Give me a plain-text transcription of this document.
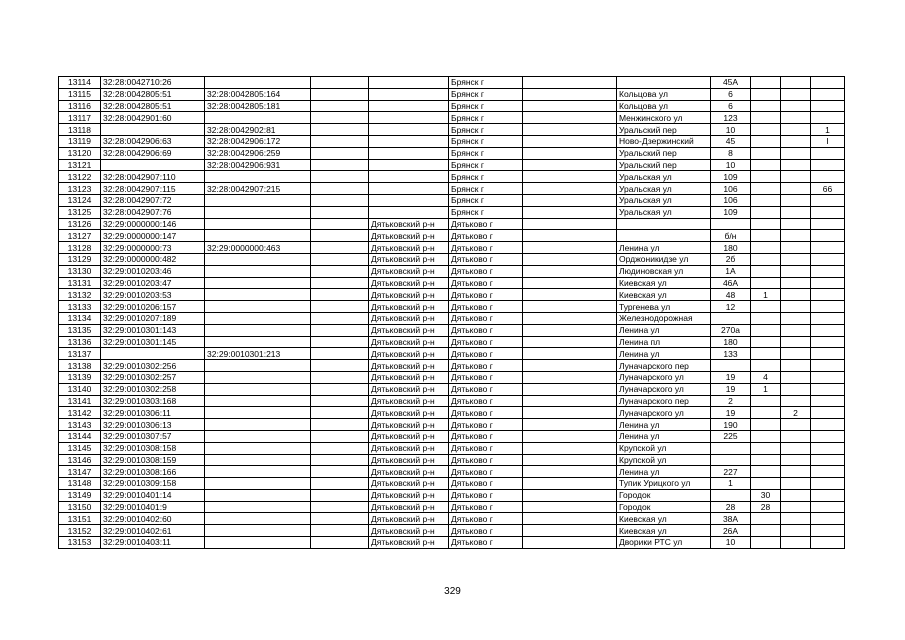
13114	32:28:0042710:26				Брянск г			45А			
13115	32:28:0042805:51	32:28:0042805:164			Брянск г		Кольцова ул	6			
13116	32:28:0042805:51	32:28:0042805:181			Брянск г		Кольцова ул	6			
13117	32:28:0042901:60				Брянск г		Менжинского ул	123			
13118		32:28:0042902:81			Брянск г		Уральский пер	10			1
13119	32:28:0042906:63	32:28:0042906:172			Брянск г		Ново-Дзержинский	45			I
13120	32:28:0042906:69	32:28:0042906:259			Брянск г		Уральский пер	8			
13121		32:28:0042906:931			Брянск г		Уральский пер	10			
13122	32:28:0042907:110				Брянск г		Уральская ул	109			
13123	32:28:0042907:115	32:28:0042907:215			Брянск г		Уральская ул	106			66
13124	32:28:0042907:72				Брянск г		Уральская ул	106			
13125	32:28:0042907:76				Брянск г		Уральская ул	109			
13126	32:29:0000000:146			Дятьковский р-н	Дятьково г						
13127	32:29:0000000:147			Дятьковский р-н	Дятьково г			б/н			
13128	32:29:0000000:73	32:29:0000000:463		Дятьковский р-н	Дятьково г		Ленина ул	180			
13129	32:29:0000000:482			Дятьковский р-н	Дятьково г		Орджоникидзе ул	2б			
13130	32:29:0010203:46			Дятьковский р-н	Дятьково г		Людиновская ул	1А			
13131	32:29:0010203:47			Дятьковский р-н	Дятьково г		Киевская ул	46А			
13132	32:29:0010203:53			Дятьковский р-н	Дятьково г		Киевская ул	48	1		
13133	32:29:0010206:157			Дятьковский р-н	Дятьково г		Тургенева ул	12			
13134	32:29:0010207:189			Дятьковский р-н	Дятьково г		Железнодорожная				
13135	32:29:0010301:143			Дятьковский р-н	Дятьково г		Ленина ул	270а			
13136	32:29:0010301:145			Дятьковский р-н	Дятьково г		Ленина пл	180			
13137		32:29:0010301:213		Дятьковский р-н	Дятьково г		Ленина ул	133			
13138	32:29:0010302:256			Дятьковский р-н	Дятьково г		Луначарского пер				
13139	32:29:0010302:257			Дятьковский р-н	Дятьково г		Луначарского ул	19	4		
13140	32:29:0010302:258			Дятьковский р-н	Дятьково г		Луначарского ул	19	1		
13141	32:29:0010303:168			Дятьковский р-н	Дятьково г		Луначарского пер	2			
13142	32:29:0010306:11			Дятьковский р-н	Дятьково г		Луначарского ул	19		2	
13143	32:29:0010306:13			Дятьковский р-н	Дятьково г		Ленина ул	190			
13144	32:29:0010307:57			Дятьковский р-н	Дятьково г		Ленина ул	225			
13145	32:29:0010308:158			Дятьковский р-н	Дятьково г		Крупской ул				
13146	32:29:0010308:159			Дятьковский р-н	Дятьково г		Крупской ул				
13147	32:29:0010308:166			Дятьковский р-н	Дятьково г		Ленина ул	227			
13148	32:29:0010309:158			Дятьковский р-н	Дятьково г		Тупик Урицкого ул	1			
13149	32:29:0010401:14			Дятьковский р-н	Дятьково г		Городок		30		
13150	32:29:0010401:9			Дятьковский р-н	Дятьково г		Городок	28	28		
13151	32:29:0010402:60			Дятьковский р-н	Дятьково г		Киевская ул	38А			
13152	32:29:0010402:61			Дятьковский р-н	Дятьково г		Киевская ул	26А			
13153	32:29:0010403:11			Дятьковский р-н	Дятьково г		Дворики РТС ул	10			
329
